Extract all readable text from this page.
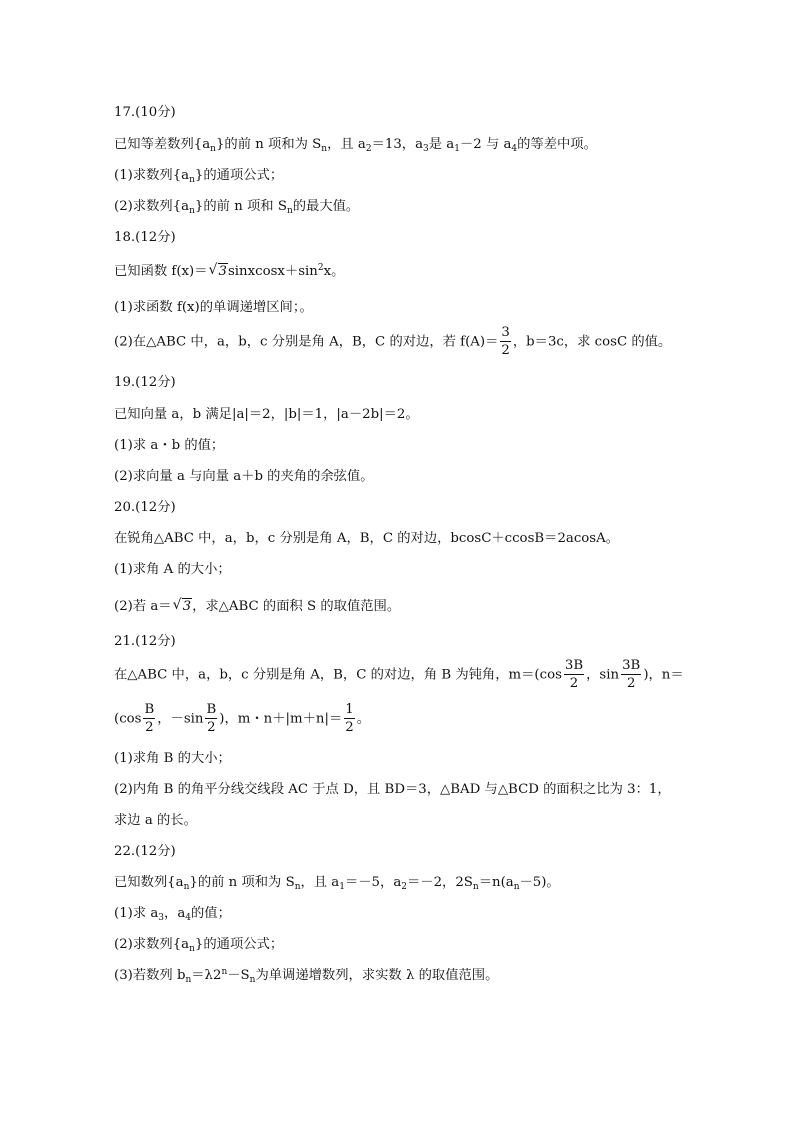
17.(10分)
已知等差数列$\{a_n\}$的前 n 项和为 $S_n$，且 $a_2=13$，$a_3$是 $a_1-2$ 与 $a_4$的等差中项。
(1)求数列$\{a_n\}$的通项公式；
(2)求数列$\{a_n\}$的前 n 项和 $S_n$的最大值。
18.(12分)
已知函数 f(x)＝ √ $3sinxcosx+\sin^2x$。
(1)求函数 f(x)的单调递增区间；。
(2)在△ABC 中，a，b，c 分别是角 A，B，C 的对边，若 $f(A)= \frac{3}{2}$ ，b＝3c，求 cosC 的值。
19.(12分)
已知向量 a，b 满足|a|＝2，|b|＝1，|a－2b|＝2。
(1)求 a・b 的值；
(2)求向量 a 与向量 a＋b 的夹角的余弦值。
20.(12分)
在锐角△ABC 中，a，b，c 分别是角 A，B，C 的对边，bcosC＋ccosB＝2acosA。
(1)求角 A 的大小；
(2)若 a＝ √ 3，求△ABC 的面积 S 的取值范围。
21.(12分)
在△ABC 中，a，b，c 分别是角 A，B，C 的对边，角 B 为钝角，$m=(\cos \frac{3B}{2}$ ，$\sin \frac{3B}{2}$ )，n＝
($\cos \frac{B}{2}$ ，$-\sin \frac{B}{2}$ )，m・$n+|m+n|= \frac{1}{2}$ 。
(1)求角 B 的大小；
(2)内角 B 的角平分线交线段 AC 于点 D，且 BD＝3，△BAD 与△BCD 的面积之比为 3：1，
求边 a 的长。
22.(12分)
已知数列$\{a_n\}$的前 n 项和为 $S_n$，且 $a_1=-5$，$a_2=-2$，$2S_n=n(a_n-5)$。
(1)求 $a_3$，$a_4$的值；
(2)求数列$\{a_n\}$的通项公式；
(3)若数列 $b_n=\lambda 2^n-S_n$为单调递增数列，求实数 λ 的取值范围。
